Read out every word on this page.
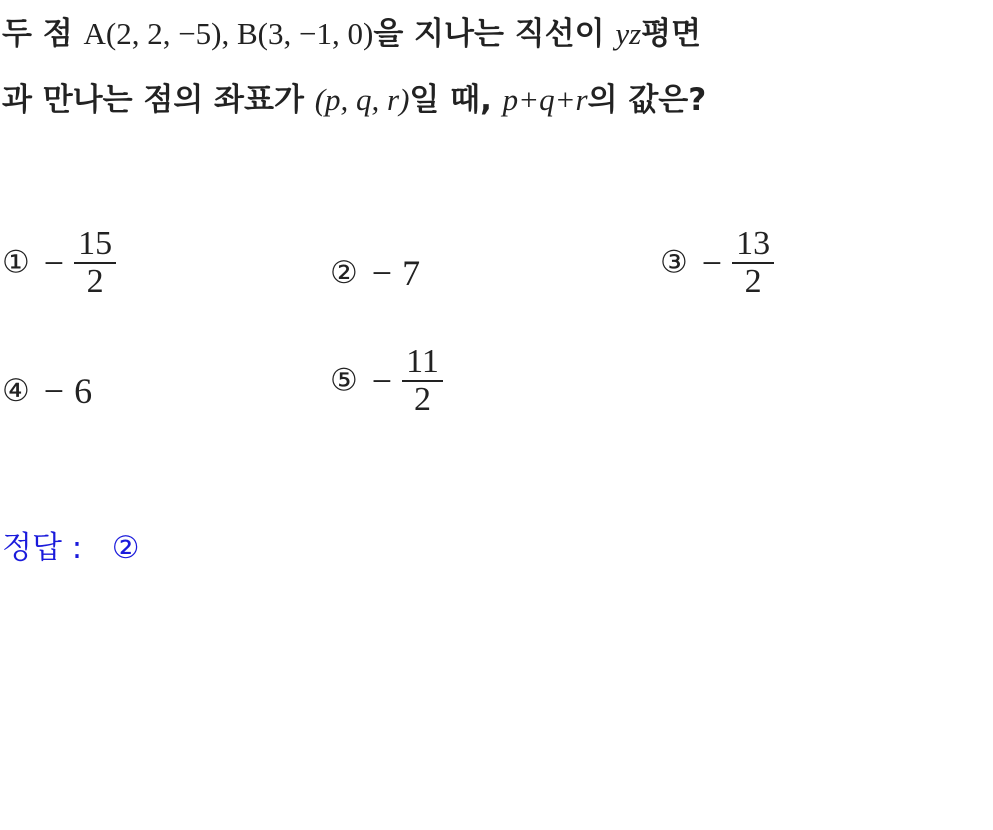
두 점 A(2, 2, −5), B(3, −1, 0)을 지나는 직선이 yz평면
과 만나는 점의 좌표가 (p, q, r)일 때, p+q+r의 값은?
① − $\frac{15}{2}$	② − 7	③ − $\frac{13}{2}$
④ − 6	⑤ − $\frac{11}{2}$
정답 : ②
